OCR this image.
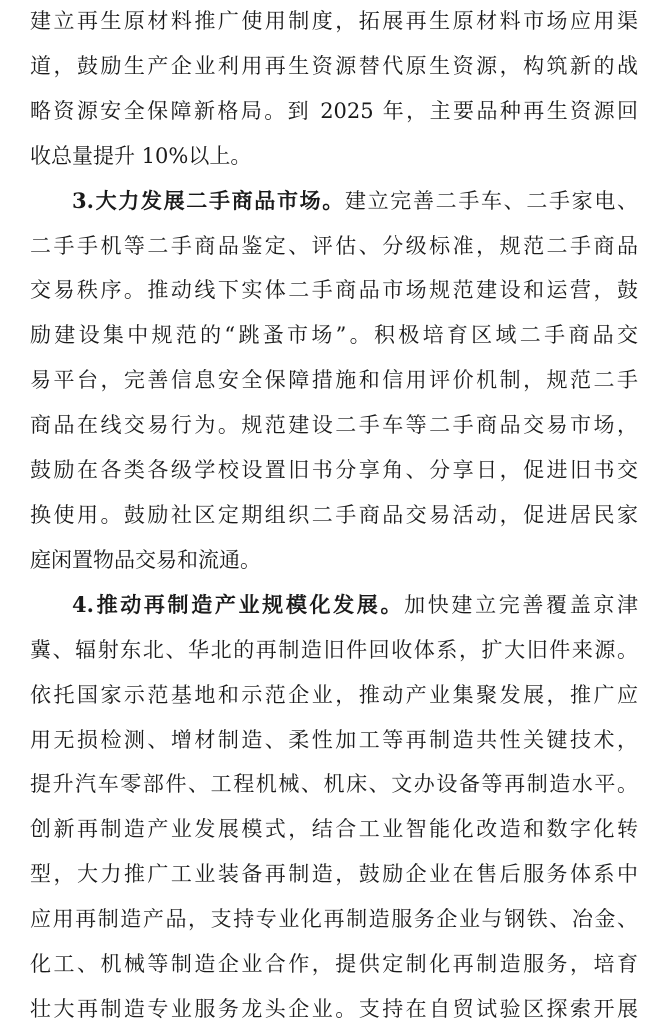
建立再生原材料推广使用制度，拓展再生原材料市场应用渠
道，鼓励生产企业利用再生资源替代原生资源，构筑新的战
略资源安全保障新格局。到 2025 年，主要品种再生资源回
收总量提升 10%以上。
3.大力发展二手商品市场。建立完善二手车、二手家电、
二手手机等二手商品鉴定、评估、分级标准，规范二手商品
交易秩序。推动线下实体二手商品市场规范建设和运营，鼓
励建设集中规范的“跳蚤市场”。积极培育区域二手商品交
易平台，完善信息安全保障措施和信用评价机制，规范二手
商品在线交易行为。规范建设二手车等二手商品交易市场，
鼓励在各类各级学校设置旧书分享角、分享日，促进旧书交
换使用。鼓励社区定期组织二手商品交易活动，促进居民家
庭闲置物品交易和流通。
4.推动再制造产业规模化发展。加快建立完善覆盖京津
冀、辐射东北、华北的再制造旧件回收体系，扩大旧件来源。
依托国家示范基地和示范企业，推动产业集聚发展，推广应
用无损检测、增材制造、柔性加工等再制造共性关键技术，
提升汽车零部件、工程机械、机床、文办设备等再制造水平。
创新再制造产业发展模式，结合工业智能化改造和数字化转
型，大力推广工业装备再制造，鼓励企业在售后服务体系中
应用再制造产品，支持专业化再制造服务企业与钢铁、冶金、
化工、机械等制造企业合作，提供定制化再制造服务，培育
壮大再制造专业服务龙头企业。支持在自贸试验区探索开展
